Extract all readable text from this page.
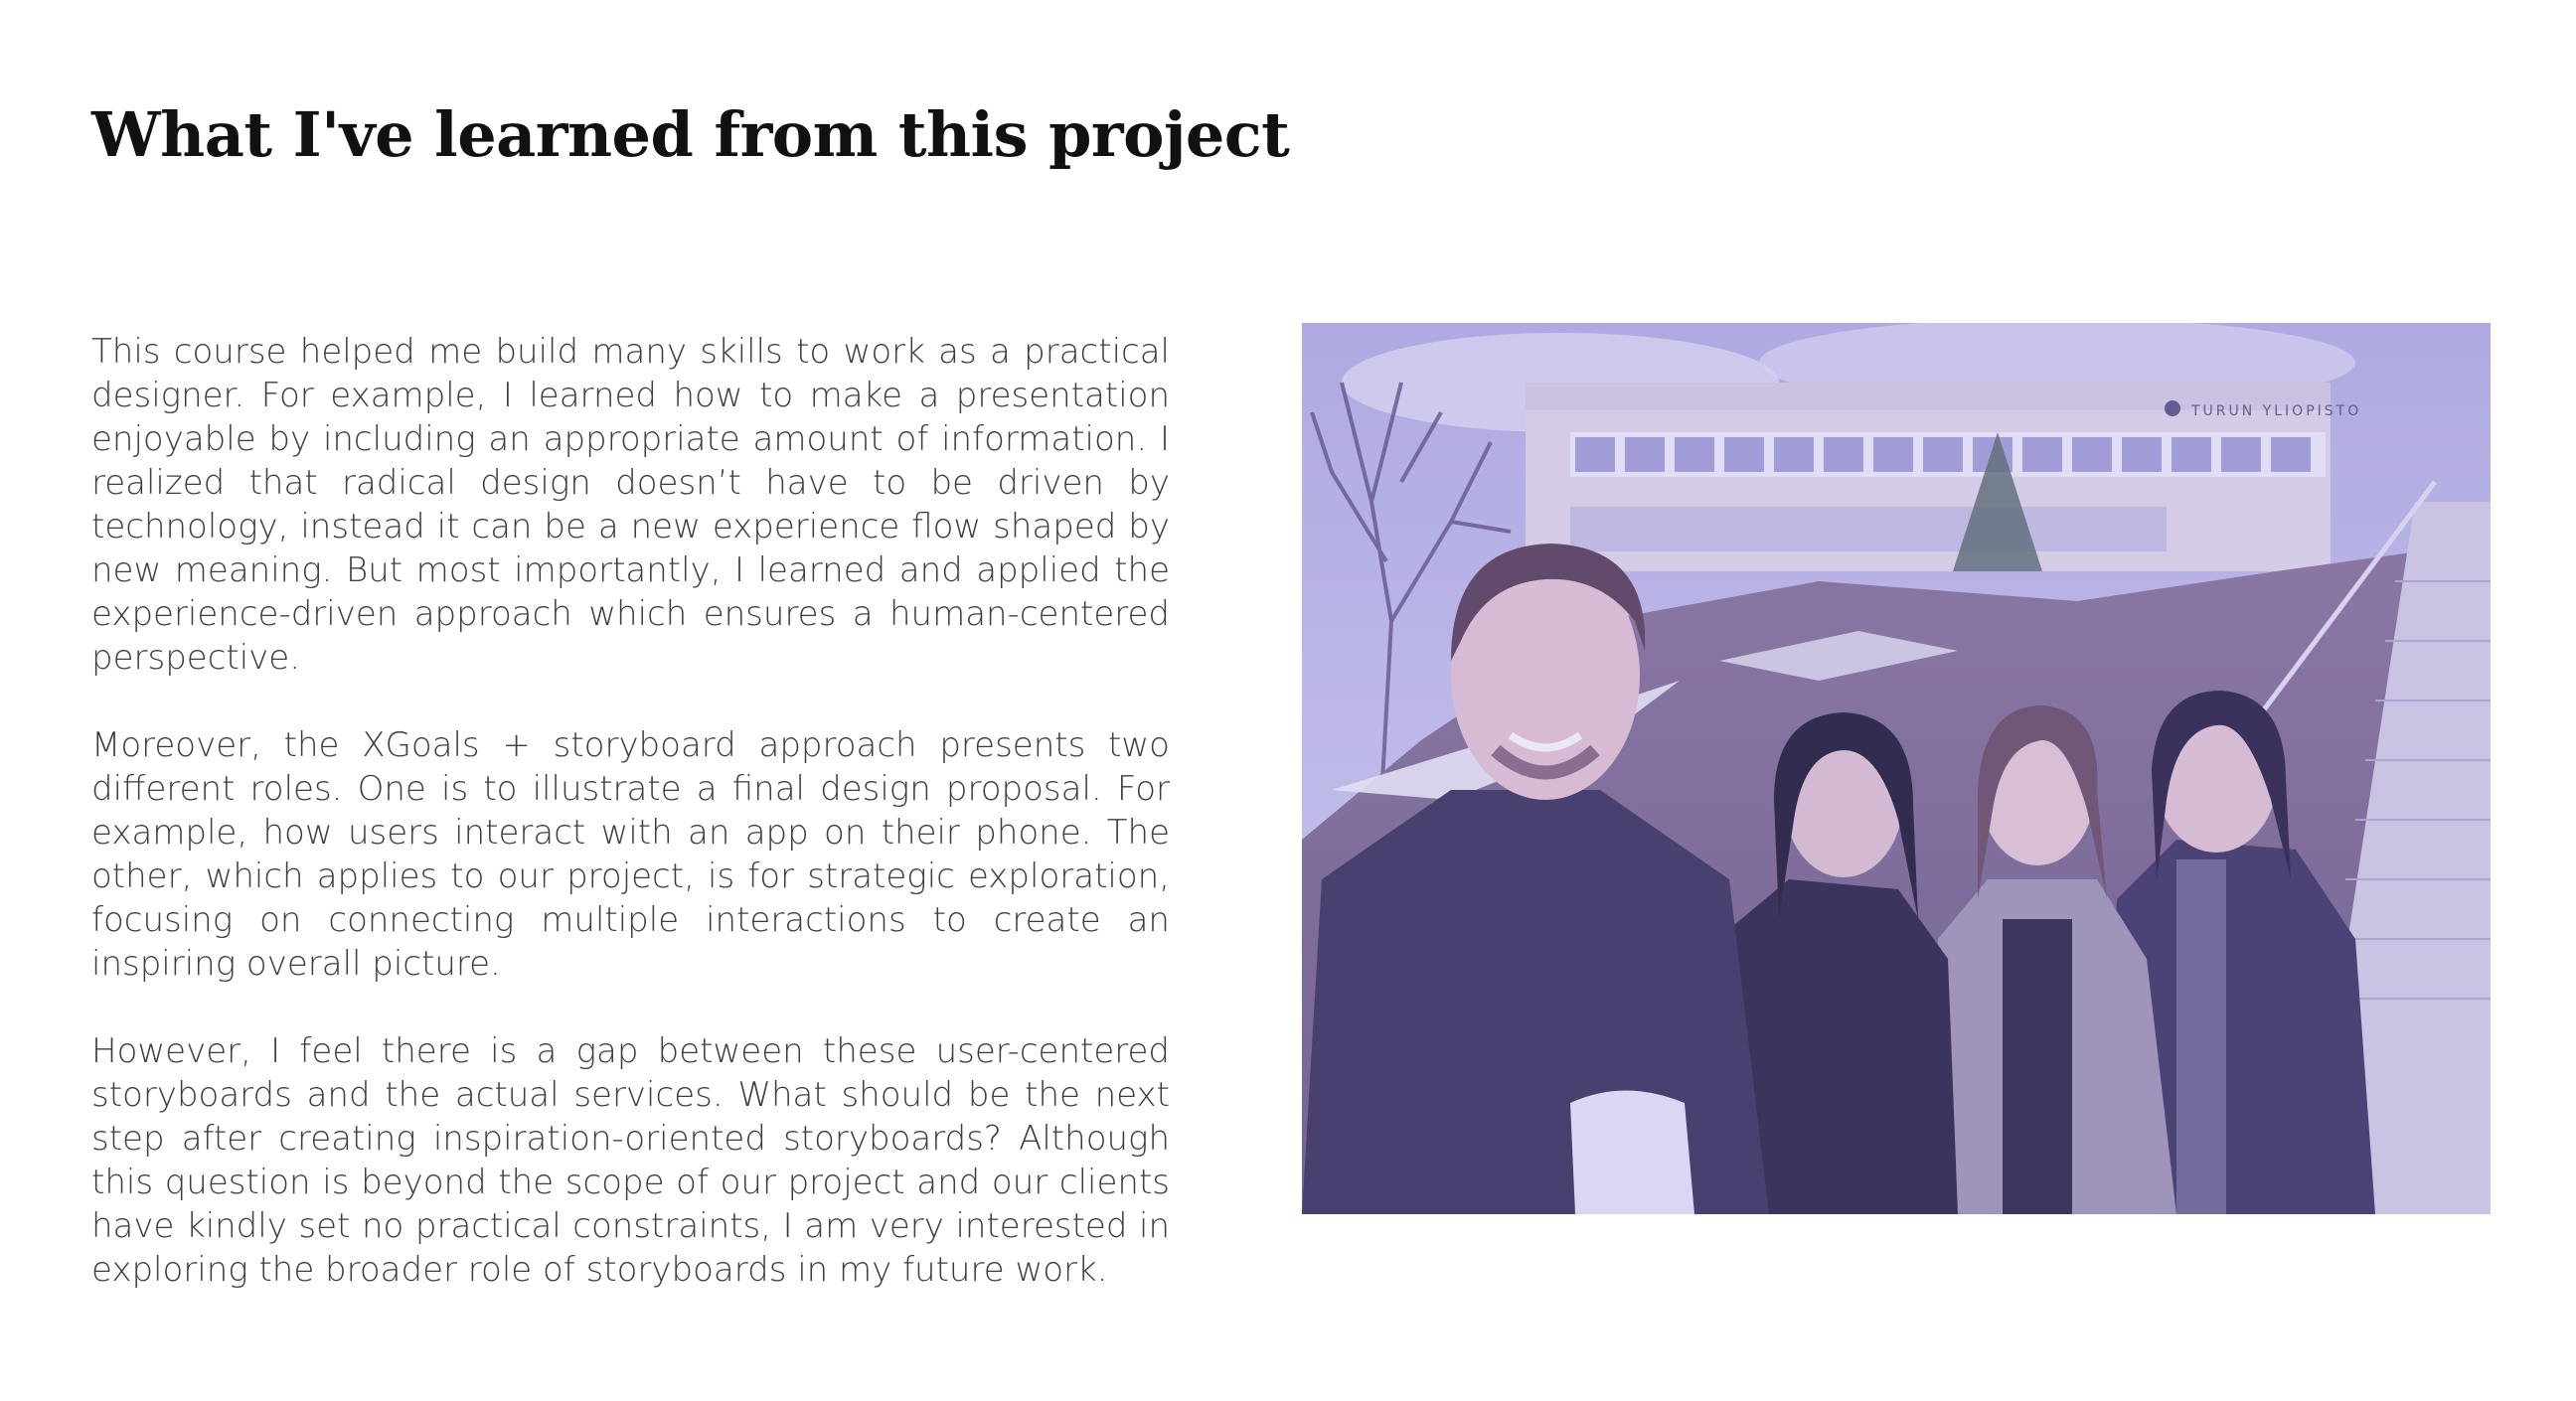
What I've learned from this project

This course helped me build many skills to work as a practical designer. For example, I learned how to make a presentation enjoyable by including an appropriate amount of information. I realized that radical design doesn’t have to be driven by technology, instead it can be a new experience flow shaped by new meaning. But most importantly, I learned and applied the experience-driven approach which ensures a human-centered perspective.

Moreover, the XGoals + storyboard approach presents two different roles. One is to illustrate a final design proposal. For example, how users interact with an app on their phone. The other, which applies to our project, is for strategic exploration, focusing on connecting multiple interactions to create an inspiring overall picture.

However, I feel there is a gap between these user-centered storyboards and the actual services. What should be the next step after creating inspiration-oriented storyboards? Although this question is beyond the scope of our project and our clients have kindly set no practical constraints, I am very interested in exploring the broader role of storyboards in my future work.

TURUN YLIOPISTO
